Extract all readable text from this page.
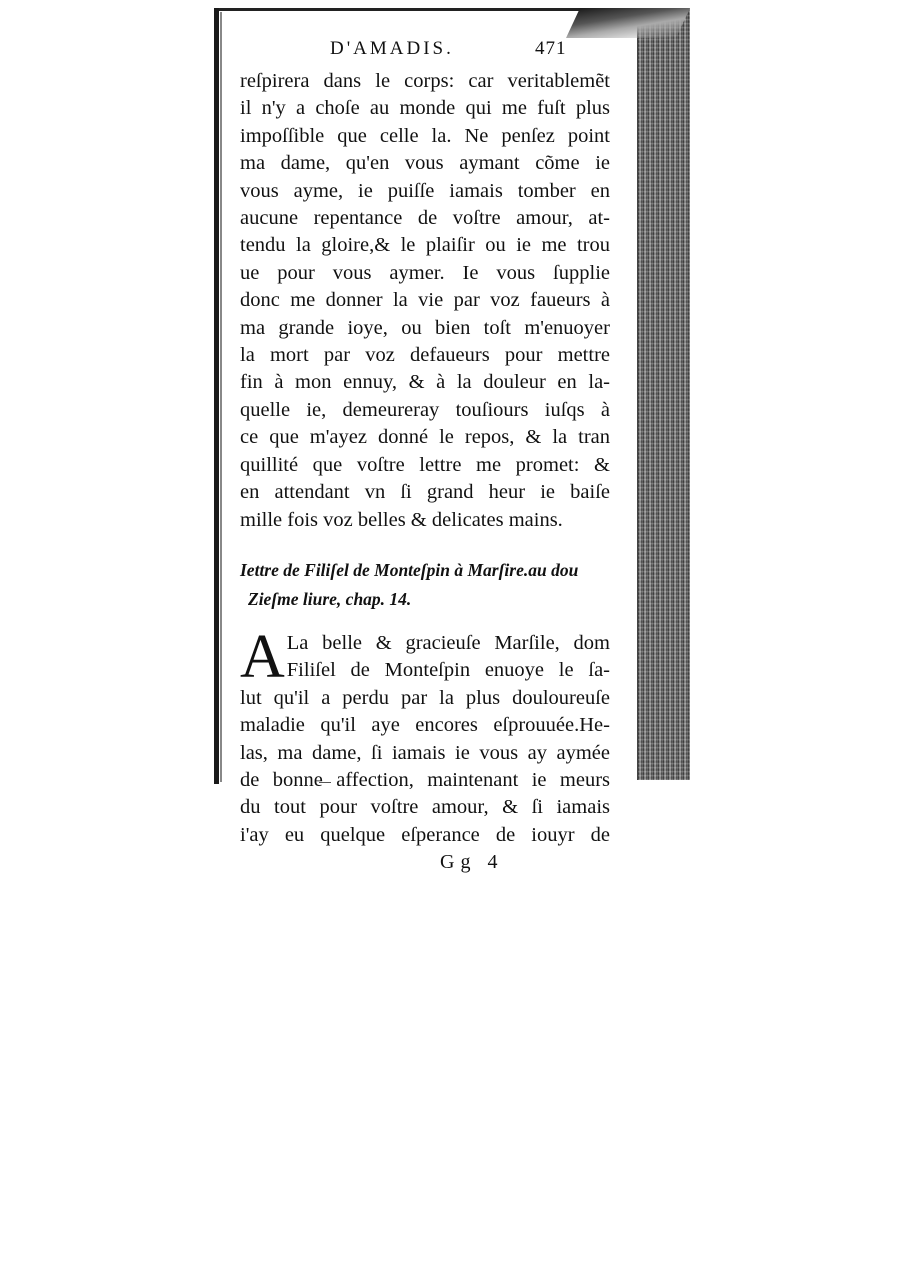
D'AMADIS.	471

reſpirera dans le corps: car veritablemẽt

il n'y a choſe au monde qui me fuſt plus

impoſſible que celle la. Ne penſez point

ma dame, qu'en vous aymant cõme ie

vous ayme, ie puiſſe iamais tomber en

aucune repentance de voſtre amour, at-

tendu la gloire,& le plaiſir ou ie me trou

ue pour vous aymer. Ie vous ſupplie

donc me donner la vie par voz faueurs à

ma grande ioye, ou bien toſt m'enuoyer

la mort par voz defaueurs pour mettre

fin à mon ennuy, & à la douleur en la-

quelle ie, demeureray touſiours iuſqs à

ce que m'ayez donné le repos, & la tran

quillité que voſtre lettre me promet: &

en attendant vn ſi grand heur ie baiſe

mille fois voz belles & delicates mains.

Iettre de Filiſel de Monteſpin à Marſire.au dou

Zieſme liure, chap. 14.

A La belle & gracieuſe Marſile, dom

Filiſel de Monteſpin enuoye le ſa-

lut qu'il a perdu par la plus douloureuſe

maladie qu'il aye encores eſprouuée.He-

las, ma dame, ſi iamais ie vous ay aymée

de bonne affection, maintenant ie meurs

du tout pour voſtre amour, & ſi iamais

i'ay eu quelque eſperance de iouyr de

Gg 4
